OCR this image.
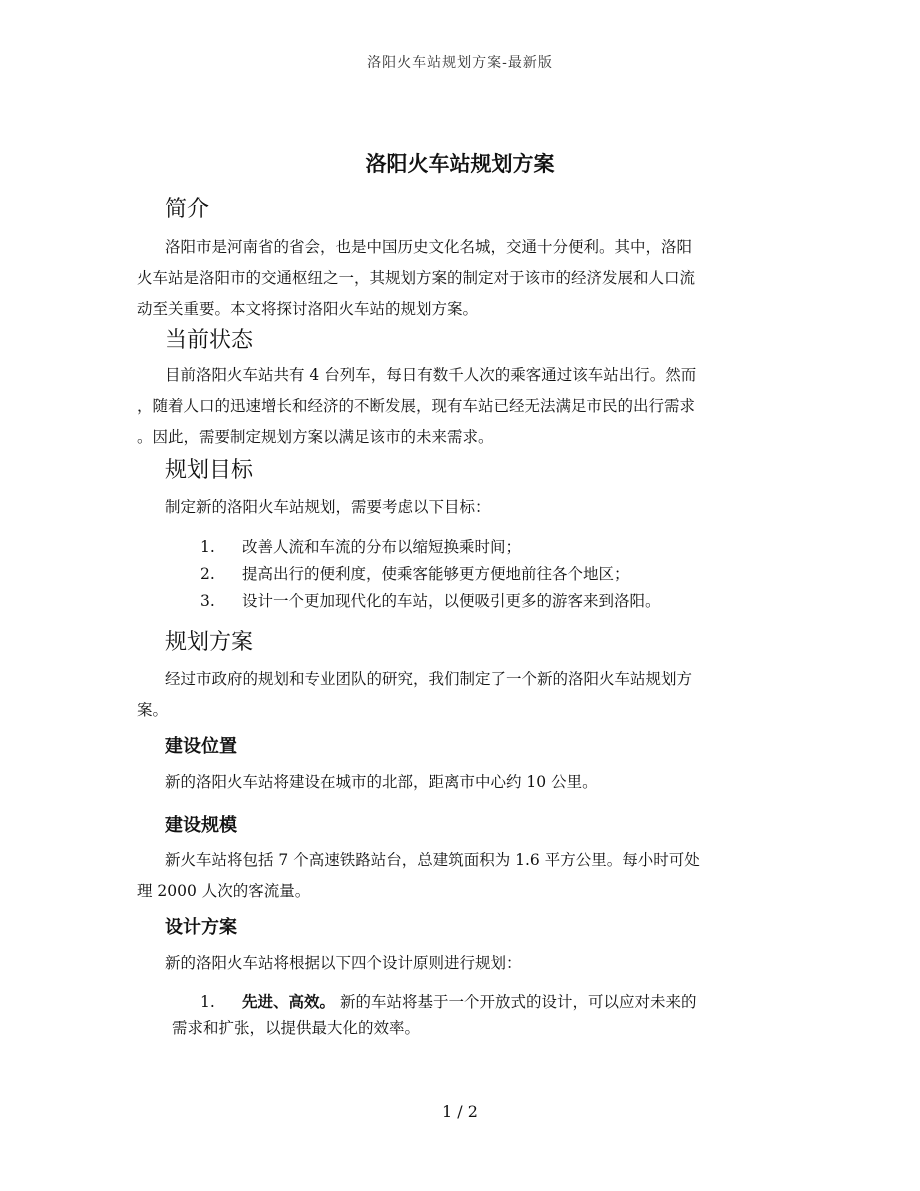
洛阳火车站规划方案-最新版
洛阳火车站规划方案
简介
洛阳市是河南省的省会，也是中国历史文化名城，交通十分便利。其中，洛阳
火车站是洛阳市的交通枢纽之一，其规划方案的制定对于该市的经济发展和人口流
动至关重要。本文将探讨洛阳火车站的规划方案。
当前状态
目前洛阳火车站共有 4 台列车，每日有数千人次的乘客通过该车站出行。然而
，随着人口的迅速增长和经济的不断发展，现有车站已经无法满足市民的出行需求
。因此，需要制定规划方案以满足该市的未来需求。
规划目标
制定新的洛阳火车站规划，需要考虑以下目标：
1. 改善人流和车流的分布以缩短换乘时间；
2. 提高出行的便利度，使乘客能够更方便地前往各个地区；
3. 设计一个更加现代化的车站，以便吸引更多的游客来到洛阳。
规划方案
经过市政府的规划和专业团队的研究，我们制定了一个新的洛阳火车站规划方
案。
建设位置
新的洛阳火车站将建设在城市的北部，距离市中心约 10 公里。
建设规模
新火车站将包括 7 个高速铁路站台，总建筑面积为 1.6 平方公里。每小时可处
理 2000 人次的客流量。
设计方案
新的洛阳火车站将根据以下四个设计原则进行规划：
1. 先进、高效。 新的车站将基于一个开放式的设计，可以应对未来的
需求和扩张，以提供最大化的效率。
1 / 2
